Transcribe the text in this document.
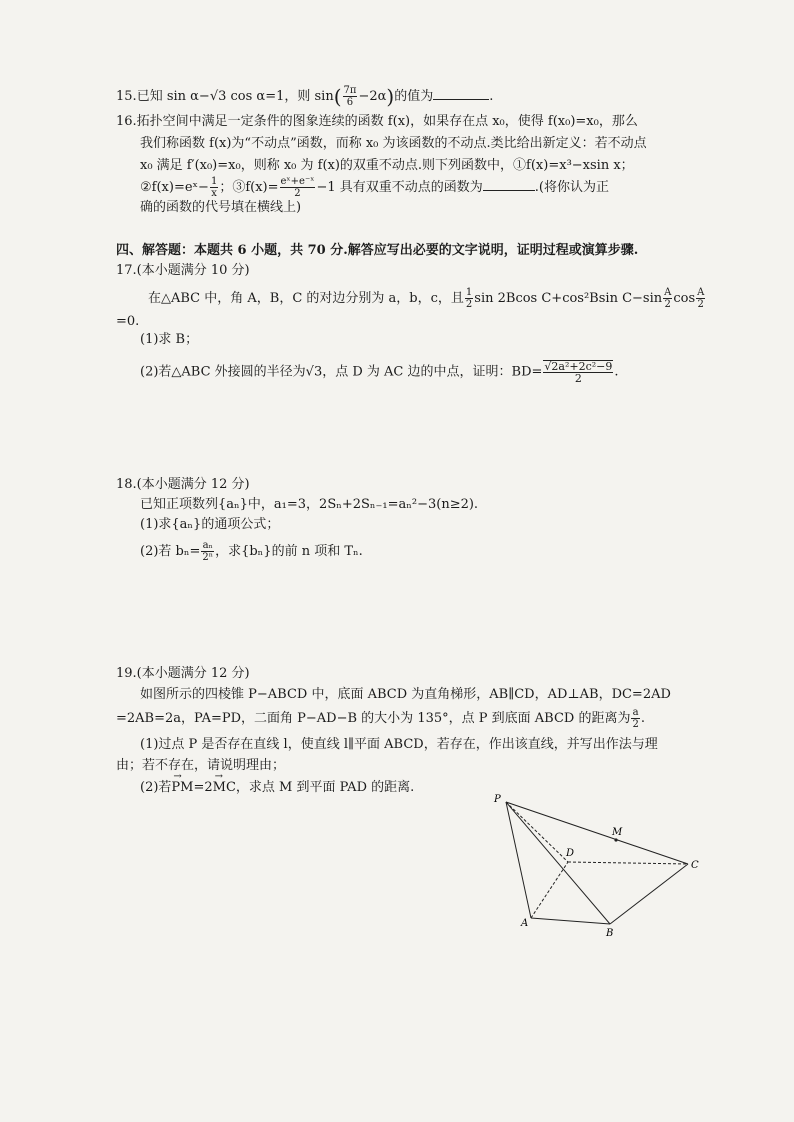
15.已知 sin α−√3 cos α=1，则 $\sin( \frac{7\pi}{6} -2\alpha)$的值为	.
16.拓扑空间中满足一定条件的图象连续的函数 f(x)，如果存在点 x₀，使得 f(x₀)=x₀，那么
我们称函数 f(x)为“不动点”函数，而称 x₀ 为该函数的不动点.类比给出新定义：若不动点
x₀ 满足 f′(x₀)=x₀，则称 x₀ 为 f(x)的双重不动点.则下列函数中，①f(x)=x³−xsin x；
②f(x)=eˣ− $\frac{1}{x}$ ；③f(x)= $\frac{\text{eˣ+e⁻ˣ}}{2} -1$ 具有双重不动点的函数为	.(将你认为正
确的函数的代号填在横线上)
四、解答题：本题共 6 小题，共 70 分.解答应写出必要的文字说明，证明过程或演算步骤.
17.(本小题满分 10 分)
在△ABC 中，角 A，B，C 的对边分别为 a，b，c，且 $\frac{1}{2}$ sin 2Bcos C+cos²Bsin $C-\sin \frac{A}{2}$ $\cos \frac{A}{2}$
=0.
(1)求 B；
(2)若△ABC 外接圆的半径为√3，点 D 为 AC 边的中点，证明：$BD= \frac{\text{√2a²+2c²−9}}{2}$ .
18.(本小题满分 12 分)
已知正项数列{aₙ}中，a₁=3，2Sₙ+2Sₙ₋₁=aₙ²−3(n≥2).
(1)求{aₙ}的通项公式；
(2)若 $b_n= \frac{\text{aₙ}}{\text{2ⁿ}}$ ，求{bₙ}的前 n 项和 Tₙ.
19.(本小题满分 12 分)
如图所示的四棱锥 P−ABCD 中，底面 ABCD 为直角梯形，AB∥CD，AD⊥AB，DC=2AD
=2AB=2a，PA=PD，二面角 P−AD−B 的大小为 135°，点 P 到底面 ABCD 的距离为 $\frac{a}{2}$ .
(1)过点 P 是否存在直线 l，使直线 l∥平面 ABCD，若存在，作出该直线，并写出作法与理
由；若不存在，请说明理由；
(2)若→ PM=2→ MC，求点 M 到平面 PAD 的距离.
P
M
D
C
A
B
